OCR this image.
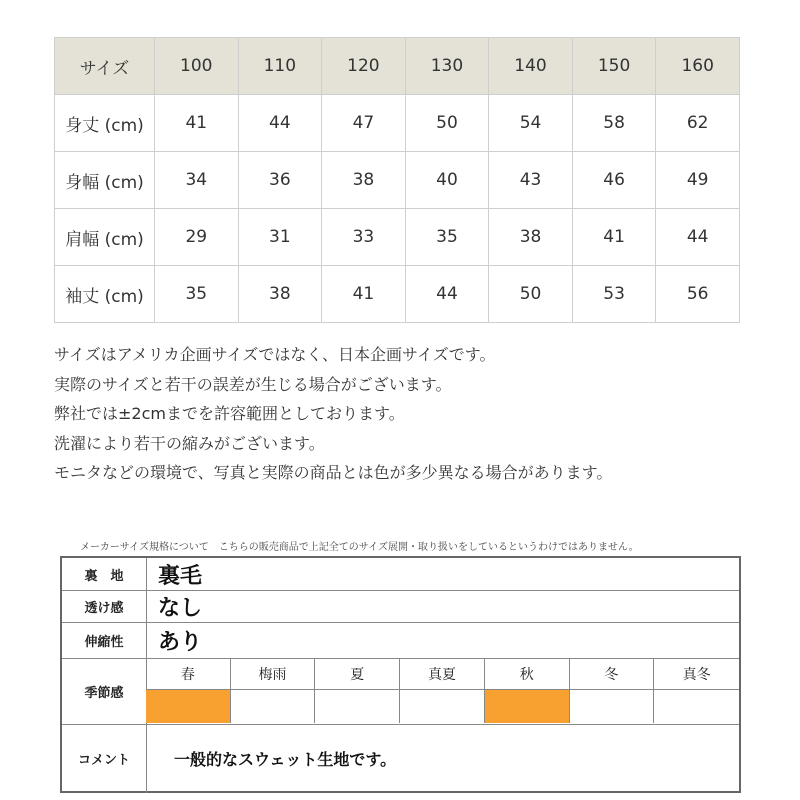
サイズ	100	110	120	130	140	150	160
身丈 (cm)	41	44	47	50	54	58	62
身幅 (cm)	34	36	38	40	43	46	49
肩幅 (cm)	29	31	33	35	38	41	44
袖丈 (cm)	35	38	41	44	50	53	56
サイズはアメリカ企画サイズではなく、日本企画サイズです。
実際のサイズと若干の誤差が生じる場合がございます。
弊社では±2cmまでを許容範囲としております。
洗濯により若干の縮みがございます。
モニタなどの環境で、写真と実際の商品とは色が多少異なる場合があります。
メーカーサイズ規格について　こちらの販売商品で上記全てのサイズ展開・取り扱いをしているというわけではありません。
裏　地	裏毛
透け感	なし
伸縮性	あり
季節感
春	梅雨	夏	真夏	秋	冬	真冬
コメント	一般的なスウェット生地です。
